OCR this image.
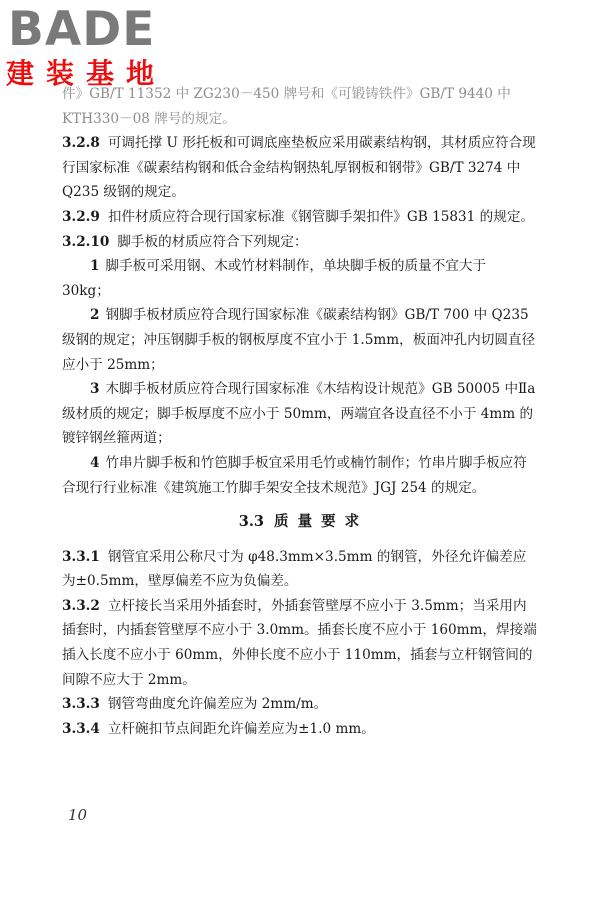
BADE
建装基地

件》GB/T 11352 中 ZG230－450 牌号和《可锻铸铁件》GB/T 9440 中 KTH330－08 牌号的规定。

3.2.8 可调托撑 U 形托板和可调底座垫板应采用碳素结构钢，其材质应符合现行国家标准《碳素结构钢和低合金结构钢热轧厚钢板和钢带》GB/T 3274 中 Q235 级钢的规定。

3.2.9 扣件材质应符合现行国家标准《钢管脚手架扣件》GB 15831 的规定。

3.2.10 脚手板的材质应符合下列规定：

1 脚手板可采用钢、木或竹材料制作，单块脚手板的质量不宜大于 30kg；

2 钢脚手板材质应符合现行国家标准《碳素结构钢》GB/T 700 中 Q235 级钢的规定；冲压钢脚手板的钢板厚度不宜小于 1.5mm，板面冲孔内切圆直径应小于 25mm；

3 木脚手板材质应符合现行国家标准《木结构设计规范》GB 50005 中Ⅱa 级材质的规定；脚手板厚度不应小于 50mm，两端宜各设直径不小于 4mm 的镀锌钢丝箍两道；

4 竹串片脚手板和竹笆脚手板宜采用毛竹或楠竹制作；竹串片脚手板应符合现行行业标准《建筑施工竹脚手架安全技术规范》JGJ 254 的规定。

3.3 质 量 要 求

3.3.1 钢管宜采用公称尺寸为 φ48.3mm×3.5mm 的钢管，外径允许偏差应为±0.5mm，壁厚偏差不应为负偏差。

3.3.2 立杆接长当采用外插套时，外插套管壁厚不应小于 3.5mm；当采用内插套时，内插套管壁厚不应小于 3.0mm。插套长度不应小于 160mm，焊接端插入长度不应小于 60mm，外伸长度不应小于 110mm，插套与立杆钢管间的间隙不应大于 2mm。

3.3.3 钢管弯曲度允许偏差应为 2mm/m。

3.3.4 立杆碗扣节点间距允许偏差应为±1.0 mm。

10
